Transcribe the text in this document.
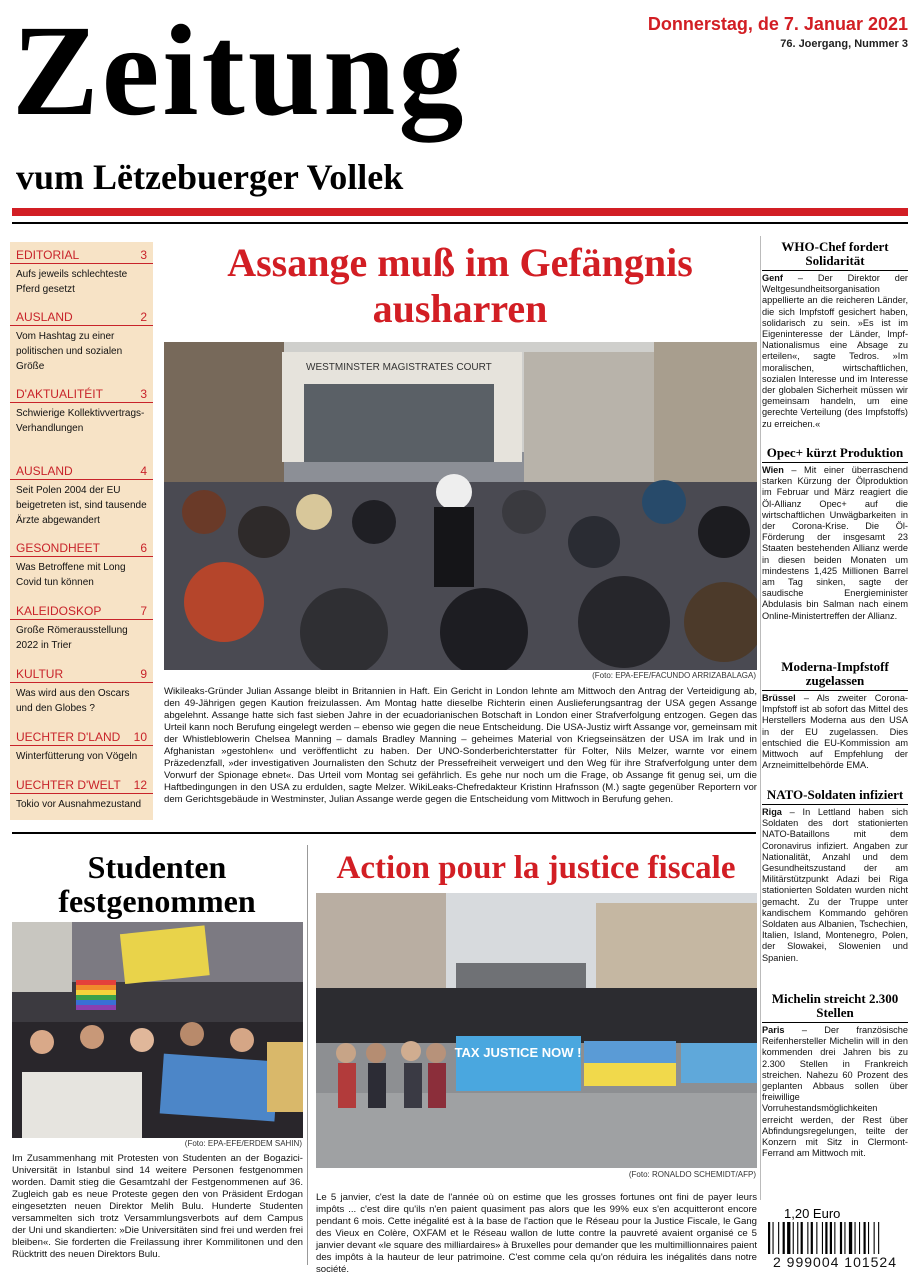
Zeitung
vum Lëtzebuerger Vollek
Donnerstag, de 7. Januar 2021
76. Joergang, Nummer 3
EDITORIAL	3
Aufs jeweils schlechteste Pferd gesetzt
AUSLAND	2
Vom Hashtag zu einer politischen und sozialen Größe
D'AKTUALITÉIT	3
Schwierige Kollektivvertrags-Verhandlungen
AUSLAND	4
Seit Polen 2004 der EU beigetreten ist, sind tausende Ärzte abgewandert
GESONDHEET	6
Was Betroffene mit Long Covid tun können
KALEIDOSKOP	7
Große Römerausstellung 2022 in Trier
KULTUR	9
Was wird aus den Oscars und den Globes ?
UECHTER D'LAND 10
Winterfütterung von Vögeln
UECHTER D'WELT 12
Tokio vor Ausnahmezustand
Assange muß im Gefängnis ausharren
WESTMINSTER MAGISTRATES COURT
(Foto: EPA-EFE/FACUNDO ARRIZABALAGA)
Wikileaks-Gründer Julian Assange bleibt in Britannien in Haft. Ein Gericht in London lehnte am Mittwoch den Antrag der Verteidigung ab, den 49-Jährigen gegen Kaution freizulassen. Am Montag hatte dieselbe Richterin einen Auslieferungsantrag der USA gegen Assange abgelehnt. Assange hatte sich fast sieben Jahre in der ecuadorianischen Botschaft in London einer Strafverfolgung entzogen. Gegen das Urteil kann noch Berufung eingelegt werden – ebenso wie gegen die neue Entscheidung. Die USA-Justiz wirft Assange vor, gemeinsam mit der Whistleblowerin Chelsea Manning – damals Bradley Manning – geheimes Material von Kriegseinsätzen der USA im Irak und in Afghanistan »gestohlen« und veröffentlicht zu haben. Der UNO-Sonderberichterstatter für Folter, Nils Melzer, warnte vor einem Präzedenzfall, »der investigativen Journalisten den Schutz der Pressefreiheit verweigert und den Weg für ihre Strafverfolgung unter dem Vorwurf der Spionage ebnet«. Das Urteil vom Montag sei gefährlich. Es gehe nur noch um die Frage, ob Assange fit genug sei, um die Haftbedingungen in den USA zu erdulden, sagte Melzer. WikiLeaks-Chefredakteur Kristinn Hrafnsson (M.) sagte gegenüber Reportern vor dem Gerichtsgebäude in Westminster, Julian Assange werde gegen die Entscheidung vom Mittwoch in Berufung gehen.
Studenten festgenommen
(Foto: EPA-EFE/ERDEM SAHIN)
Im Zusammenhang mit Protesten von Studenten an der Bogazici-Universität in Istanbul sind 14 weitere Personen festgenommen worden. Damit stieg die Gesamtzahl der Festgenommenen auf 36. Zugleich gab es neue Proteste gegen den von Präsident Erdogan eingesetzten neuen Direktor Melih Bulu. Hunderte Studenten versammelten sich trotz Versammlungsverbots auf dem Campus der Uni und skandierten: »Die Universitäten sind frei und werden frei bleiben«. Sie forderten die Freilassung ihrer Kommilitonen und den Rücktritt des neuen Direktors Bulu.
Action pour la justice fiscale
TAX JUSTICE NOW !
(Foto: RONALDO SCHEMIDT/AFP)
Le 5 janvier, c'est la date de l'année où on estime que les grosses fortunes ont fini de payer leurs impôts ... c'est dire qu'ils n'en paient quasiment pas alors que les 99% eux s'en acquitteront encore pendant 6 mois. Cette inégalité est à la base de l'action que le Réseau pour la Justice Fiscale, le Gang des Vieux en Colère, OXFAM et le Réseau wallon de lutte contre la pauvreté avaient organisé ce 5 janvier devant «le square des milliardaires» à Bruxelles pour demander que les multimillionnaires paient des impôts à la hauteur de leur patrimoine. C'est comme cela qu'on réduira les inégalités dans notre société.
WHO-Chef fordert Solidarität
Genf – Der Direktor der Weltgesundheitsorganisation appellierte an die reicheren Länder, die sich Impfstoff gesichert haben, solidarisch zu sein. »Es ist im Eigeninteresse der Länder, Impf-Nationalismus eine Absage zu erteilen«, sagte Tedros. »Im moralischen, wirtschaftlichen, sozialen Interesse und im Interesse der globalen Sicherheit müssen wir gemeinsam handeln, um eine gerechte Verteilung (des Impfstoffs) zu erreichen.«
Opec+ kürzt Produktion
Wien – Mit einer überraschend starken Kürzung der Ölproduktion im Februar und März reagiert die Öl-Allianz Opec+ auf die wirtschaftlichen Unwägbarkeiten in der Corona-Krise. Die Öl-Förderung der insgesamt 23 Staaten bestehenden Allianz werde in diesen beiden Monaten um mindestens 1,425 Millionen Barrel am Tag sinken, sagte der saudische Energieminister Abdulasis bin Salman nach einem Online-Ministertreffen der Allianz.
Moderna-Impfstoff zugelassen
Brüssel – Als zweiter Corona-Impfstoff ist ab sofort das Mittel des Herstellers Moderna aus den USA in der EU zugelassen. Dies entschied die EU-Kommission am Mittwoch auf Empfehlung der Arzneimittelbehörde EMA.
NATO-Soldaten infiziert
Riga – In Lettland haben sich Soldaten des dort stationierten NATO-Bataillons mit dem Coronavirus infiziert. Angaben zur Nationalität, Anzahl und dem Gesundheitszustand der am Militärstützpunkt Adazi bei Riga stationierten Soldaten wurden nicht gemacht. Zu der Truppe unter kandischem Kommando gehören Soldaten aus Albanien, Tschechien, Italien, Island, Montenegro, Polen, der Slowakei, Slowenien und Spanien.
Michelin streicht 2.300 Stellen
Paris – Der französische Reifenhersteller Michelin will in den kommenden drei Jahren bis zu 2.300 Stellen in Frankreich streichen. Nahezu 60 Prozent des geplanten Abbaus sollen über freiwillige Vorruhestandsmöglichkeiten erreicht werden, der Rest über Abfindungsregelungen, teilte der Konzern mit Sitz in Clermont-Ferrand am Mittwoch mit.
1,20 Euro
2 999004 101524
